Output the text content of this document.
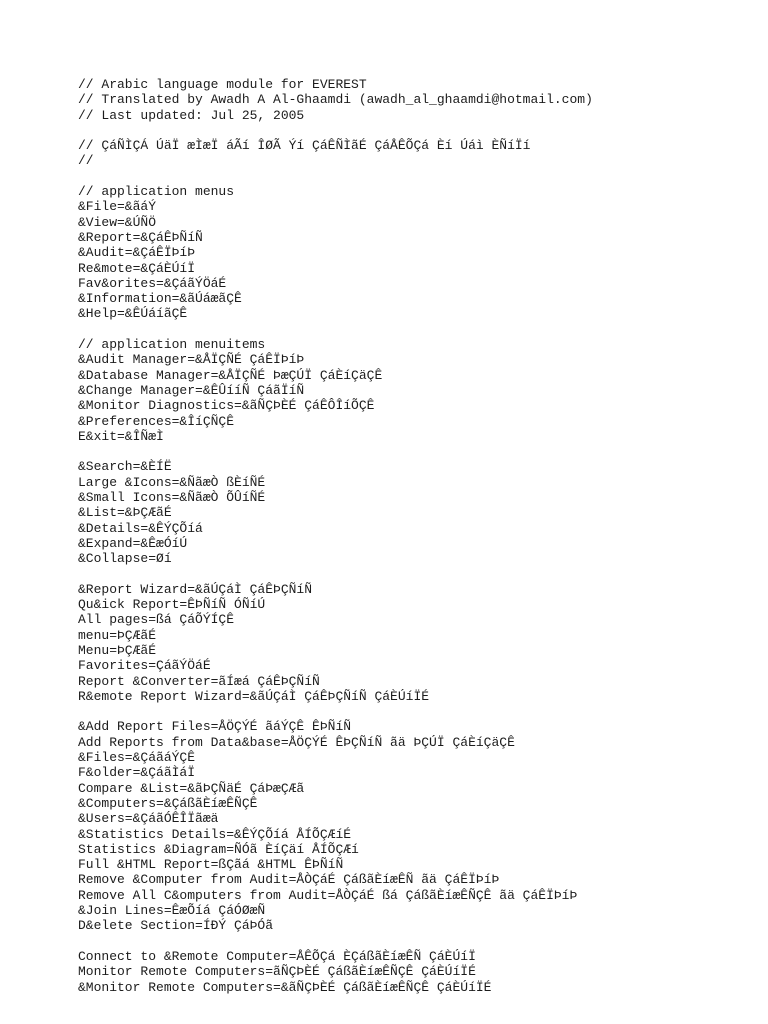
// Arabic language module for EVEREST
// Translated by Awadh A Al-Ghaamdi (awadh_al_ghaamdi@hotmail.com)
// Last updated: Jul 25, 2005
// ÇáÑÌÇÁ ÚäÏ æÌæÏ áÃí ÎØÃ Ýí ÇáÊÑÌãÉ ÇáÅÊÕÇá Èí Úáì ÈÑíÏí
//
// application menus
&File=&ãáÝ
&View=&ÚÑÖ
&Report=&ÇáÊÞÑíÑ
&Audit=&ÇáÊÏÞíÞ
Re&mote=&ÇáÈÚíÏ
Fav&orites=&ÇáãÝÖáÉ
&Information=&ãÚáæãÇÊ
&Help=&ÊÚáíãÇÊ
// application menuitems
&Audit Manager=&ÅÏÇÑÉ ÇáÊÏÞíÞ
&Database Manager=&ÅÏÇÑÉ ÞæÇÚÏ ÇáÈíÇäÇÊ
&Change Manager=&ÊÛííÑ ÇáãÏíÑ
&Monitor Diagnostics=&ãÑÇÞÈÉ ÇáÊÔÎíÕÇÊ
&Preferences=&ÎíÇÑÇÊ
E&xit=&ÎÑæÌ
&Search=&ÈÍË
Large &Icons=&ÑãæÒ ßÈíÑÉ
&Small Icons=&ÑãæÒ ÕÛíÑÉ
&List=&ÞÇÆãÉ
&Details=&ÊÝÇÕíá
&Expand=&ÊæÓíÚ
&Collapse=Øí
&Report Wizard=&ãÚÇáÌ ÇáÊÞÇÑíÑ
Qu&ick Report=ÊÞÑíÑ ÓÑíÚ
All pages=ßá ÇáÕÝÍÇÊ
menu=ÞÇÆãÉ
Menu=ÞÇÆãÉ
Favorites=ÇáãÝÖáÉ
Report &Converter=ãÍæá ÇáÊÞÇÑíÑ
R&emote Report Wizard=&ãÚÇáÌ ÇáÊÞÇÑíÑ ÇáÈÚíÏÉ
&Add Report Files=ÅÖÇÝÉ ãáÝÇÊ ÊÞÑíÑ
Add Reports from Data&base=ÅÖÇÝÉ ÊÞÇÑíÑ ãä ÞÇÚÏ ÇáÈíÇäÇÊ
&Files=&ÇáãáÝÇÊ
F&older=&ÇáãÌáÏ
Compare &List=&ãÞÇÑäÉ ÇáÞæÇÆã
&Computers=&ÇáßãÈíæÊÑÇÊ
&Users=&ÇáãÓÊÎÏãæä
&Statistics Details=&ÊÝÇÕíá ÅÍÕÇÆíÉ
Statistics &Diagram=ÑÓã ÈíÇäí ÅÍÕÇÆí
Full &HTML Report=ßÇãá &HTML ÊÞÑíÑ
Remove &Computer from Audit=ÅÒÇáÉ ÇáßãÈíæÊÑ ãä ÇáÊÏÞíÞ
Remove All C&omputers from Audit=ÅÒÇáÉ ßá ÇáßãÈíæÊÑÇÊ ãä ÇáÊÏÞíÞ
&Join Lines=ÊæÕíá ÇáÓØæÑ
D&elete Section=ÍÐÝ ÇáÞÓã
Connect to &Remote Computer=ÅÊÕÇá ÈÇáßãÈíæÊÑ ÇáÈÚíÏ
Monitor Remote Computers=ãÑÇÞÈÉ ÇáßãÈíæÊÑÇÊ ÇáÈÚíÏÉ
&Monitor Remote Computers=&ãÑÇÞÈÉ ÇáßãÈíæÊÑÇÊ ÇáÈÚíÏÉ
